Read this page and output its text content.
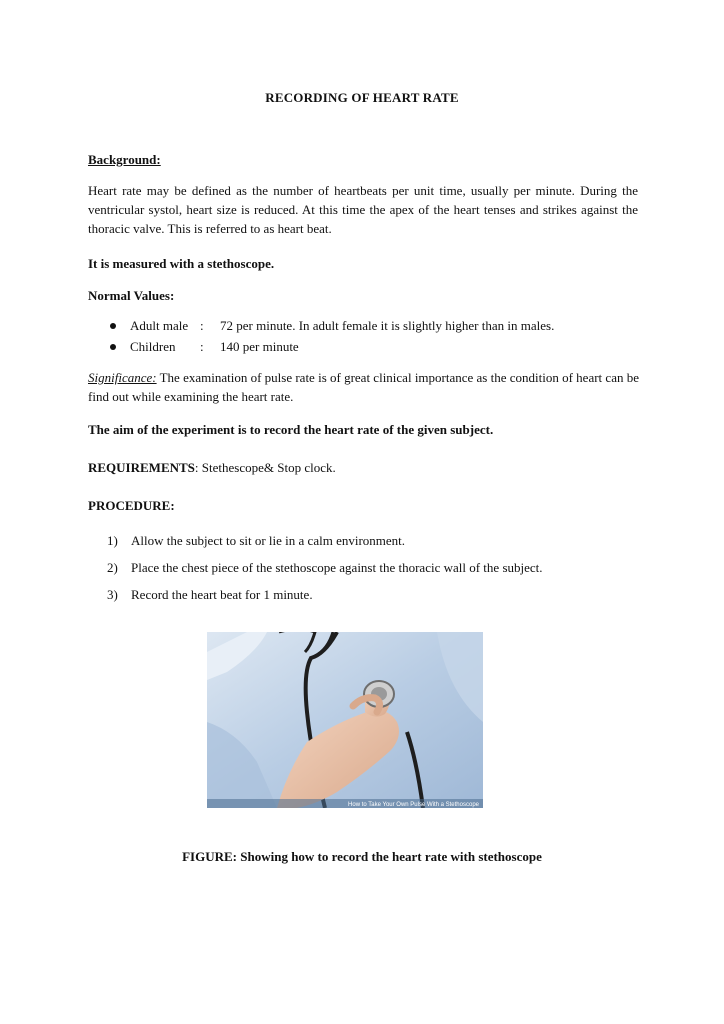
RECORDING OF HEART RATE
Background:
Heart rate may be defined as the number of heartbeats per unit time, usually per minute. During the ventricular systol, heart size is reduced. At this time the apex of the heart tenses and strikes against the thoracic valve. This is referred to as heart beat.
It is measured with a stethoscope.
Normal Values:
Adult male : 72 per minute. In adult female it is slightly higher than in males.
Children : 140 per minute
Significance: The examination of pulse rate is of great clinical importance as the condition of heart can be find out while examining the heart rate.
The aim of the experiment is to record the heart rate of the given subject.
REQUIREMENTS: Stethescope& Stop clock.
PROCEDURE:
1) Allow the subject to sit or lie in a calm environment.
2) Place the chest piece of the stethoscope against the thoracic wall of the subject.
3) Record the heart beat for 1 minute.
How to Take Your Own Pulse With a Stethoscope
FIGURE: Showing how to record the heart rate with stethoscope
